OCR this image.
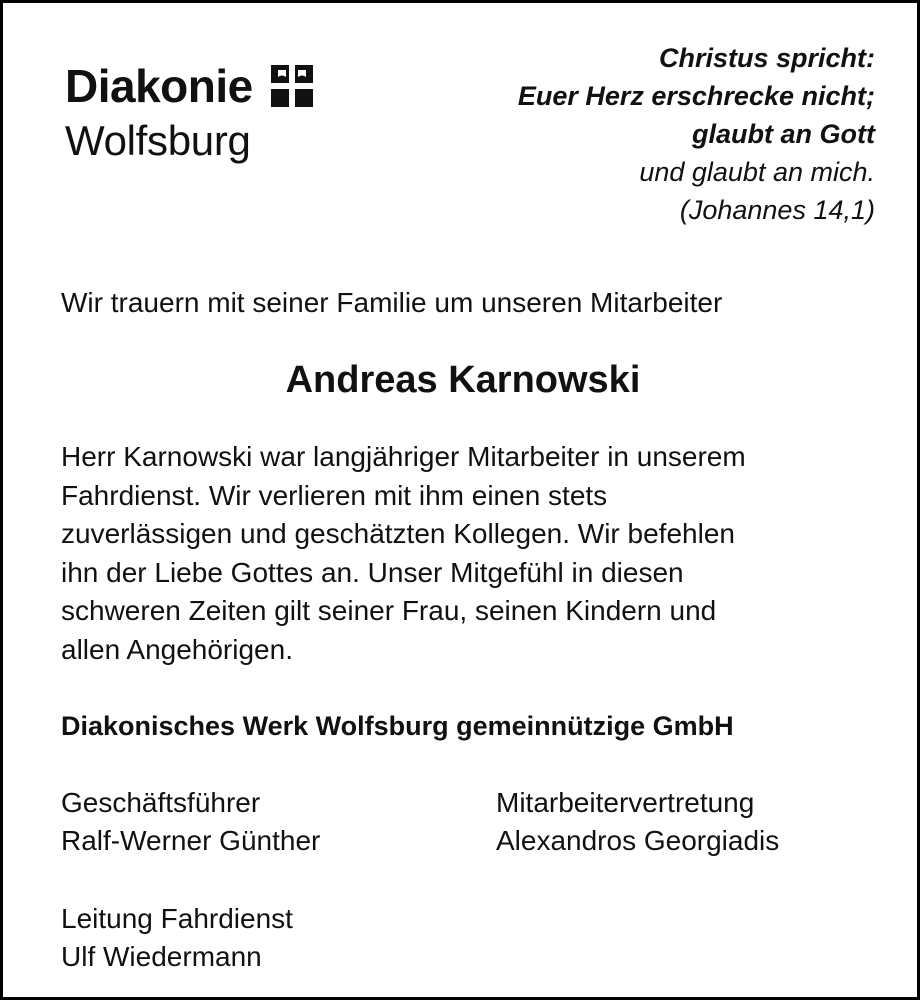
Diakonie
Wolfsburg
Christus spricht:
Euer Herz erschrecke nicht;
glaubt an Gott
und glaubt an mich.
(Johannes 14,1)
Wir trauern mit seiner Familie um unseren Mitarbeiter
Andreas Karnowski
Herr Karnowski war langjähriger Mitarbeiter in unserem
Fahrdienst. Wir verlieren mit ihm einen stets
zuverlässigen und geschätzten Kollegen. Wir befehlen
ihn der Liebe Gottes an. Unser Mitgefühl in diesen
schweren Zeiten gilt seiner Frau, seinen Kindern und
allen Angehörigen.
Diakonisches Werk Wolfsburg gemeinnützige GmbH
Geschäftsführer
Ralf-Werner Günther
Mitarbeitervertretung
Alexandros Georgiadis
Leitung Fahrdienst
Ulf Wiedermann
